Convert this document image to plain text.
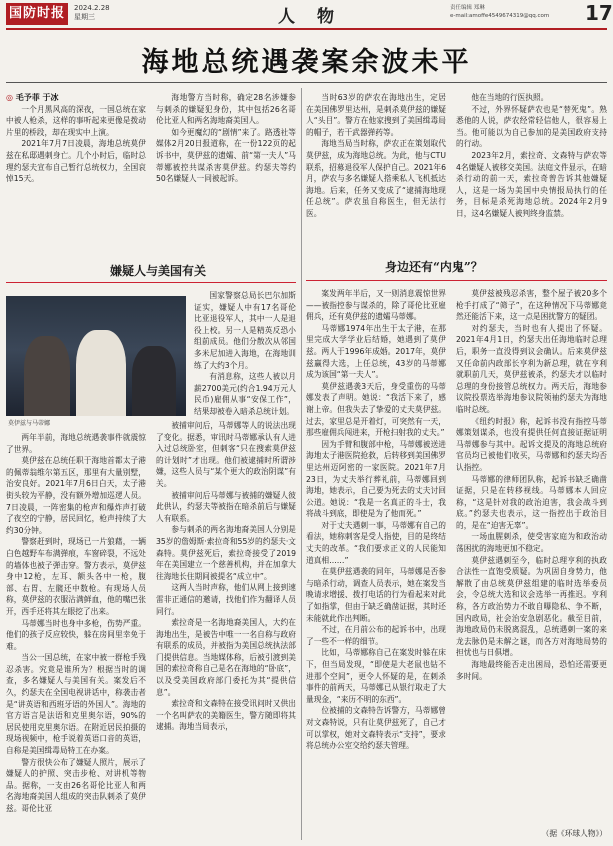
国防时报	2024.2.28
星期三	人 物	责任编辑 郑琳
e-mail:amoffe4549674319@qq.com 17
海地总统遇袭案余波未平

◎ 毛予菲 于冰

一个月黑风高的深夜，一国总统在家中被人枪杀，这样的事听起来更像是拨动片里的桥段，却在现实中上演。

2021年7月7日凌晨，海地总统莫伊兹在私邸遇刺身亡。几个小时后，临时总理约瑟夫宣布自己暂行总统权力，全国哀悼15天。

海地警方当时称，确定28名涉嫌参与刺杀的嫌疑犯身份，其中包括26名哥伦比亚人和两名海地裔美国人。

如今更魔幻的“剧情”来了。路透社等媒体2月20日报道称，在一份122页的起诉书中，莫伊兹的遗孀、前“第一夫人”马蒂娜被控共谋杀害莫伊兹。约瑟夫等约50名嫌疑人一同被起诉。

当时63岁的萨农在海地出生，定居在美国佛罗里达州，是刺杀莫伊兹的嫌疑人“头目”。警方在他家搜到了美国缉毒局的帽子，若干武器弹药等。

海地当局当时称，萨农正在策划取代莫伊兹，成为海地总统。为此，他与CTU联系，招募退役军人保护自己。2021年6月，萨农与多名嫌疑人搭乘私人飞机抵达海地。后来，任务又变成了“逮捕海地现任总统”。萨农虽自称医生，但无法行医。

他在当地的行医执照。

不过，外界怀疑萨农也是“替死鬼”。熟悉他的人说，萨农经常轻信他人，很容易上当。他可能以为自己参加的是美国政府支持的行动。

2023年2月，索拉奇、文森特与萨农等4名嫌疑人被移交美国。法庭文件显示，在暗杀行动的前一天，索拉奇曾告诉其他嫌疑人，这是一场为美国中央情报局执行的任务，目标是杀死海地总统。2024年2月9日，这4名嫌疑人被判终身监禁。

嫌疑人与美国有关
莫伊兹与马蒂娜

国家警察总局长巴尔加斯证实，嫌疑人中有17名哥伦比亚退役军人，其中一人是退役上校。另一人是精英反恐小组前成员。他们分散次从邻国多米尼加进入海地，在海地训练了大约3个月。

有消息称，这些人被以月薪2700美元(约合1.94万元人民币)雇佣从事“安保工作”，结果却被卷入暗杀总统计划。

两年半前，海地总统遇袭事件就震惊了世界。

莫伊兹在总统任职于海地首都太子港的佩蒂翁维尔第五区，那里有大量别墅，治安良好。2021年7月6日白天，太子港街头较为平静，没有额外增加巡逻人员。7日凌晨，一阵密集的枪声和爆炸声打破了夜空的宁静，居民回忆，枪声持续了大约30分钟。

警察赶到时，现场已一片狼藉，一辆白色越野车布满弹痕，车窗碎裂，不远处的墙体也被子弹击穿。警方表示，莫伊兹身中12枪，左耳、额头各中一枪，腹部、右胃、左髋还中数枪。有现场人员称，莫伊兹的衣服沾满鲜血，他的嘴巴张开，西手还将其左眼挖了出来。

马蒂娜当时也身中多枪，伤势严重。他们的孩子反应较快，躲在房间里幸免于难。

当公一国总统，在家中被一群枪手残忍杀害。究竟是谁所为？根据当时的调查，多名嫌疑人与美国有关。案发后不久，约瑟夫在全国电视讲话中，称袭击者是“讲英语和西班牙语的外国人”。海地的官方语言是法语和克里奥尔语，90%的居民使用克里奥尔语。在附近居民拍摄的现场视频中，枪手说着英语口音的英语，自称是美国缉毒局特工在办案。

警方很快公布了嫌疑人照片，展示了嫌疑人的护照、突击步枪、对讲机等物品。据称，一支由26名哥伦比亚人和两名海地裔美国人组成的突击队刺杀了莫伊兹。哥伦比亚

被捕审问后，马蒂娜等人的说法出现了变化。据悉，审讯时马蒂娜承认有人进入过总统卧室，但刺客“只在搜索莫伊兹的计划时”才出现。他们被逮捕时所谓涉嫌，这些人员与“某个更大的政治阴谋”有关。

被捕审问后马蒂娜与被捕的嫌疑人彼此供认，约瑟夫等被指在暗杀前后与嫌疑人有联系。

参与刺杀的两名海地裔美国人分别是35岁的詹姆斯·索拉奇和55岁的约瑟夫·文森特。莫伊兹死后，索拉奇接受了2019年在美国建立一个慈善机构，并在加拿大往海地长住期间被提名“成立中”。

这两人当时声称，他们从网上接到速雷非正通信的邀请，找他们作为翻译人员同行。

索拉奇是一名海地裔美国人，大约在海地出生，是被告中唯一一名自称与政府有联系的成员，并被指为美国总统执法部门提供信息。当地媒体称，后被引渡到美国的索拉奇称自己是名在海地的“卧底”，以及受美国政府部门委托为其“提供信息”。

索拉奇和文森特在接受讯问时又供出一个名叫萨农的美籍医生，警方随即将其逮捕。海地当局表示，

身边还有“内鬼”？

案发两年半后，又一则消息震惊世界——被指控参与谋杀的，除了哥伦比亚雇佣兵，还有莫伊兹的遗孀马蒂娜。

马蒂娜1974年出生于太子港，在那里完成大学学业后结婚，她遇到了莫伊兹。两人于1996年成婚。2017年，莫伊兹赢得大选，上任总统，43岁的马蒂娜成为该国“第一夫人”。

莫伊兹遇袭3天后，身受重伤的马蒂娜发表了声明。她说：“我活下来了，感谢上帝。但我失去了挚爱的丈夫莫伊兹。过去，家里总是开着灯，可突然有一天，那些雇佣兵闯进来，开枪扫射我的丈夫。”

因为手臂和腹部中枪，马蒂娜被送进海地太子港医院抢救，后转移到美国佛罗里达州迈阿密的一家医院。2021年7月23日，为丈夫举行葬礼前，马蒂娜回到海地，她表示，自己要为死去的丈夫讨回公道。她说：“我是一名真正的斗士，我将战斗到底，即使是为了他而死。”

对于丈夫遇刺一事，马蒂娜有自己的看法，她称刺客是受人指使，目的是终结丈夫的改革。“我们要求正义的人民能知道真相……”

在莫伊兹遇袭的同年，马蒂娜是否参与暗杀行动，调查人员表示，她在案发当晚请求增援、拨打电话的行为看起来对此了如指掌，但由于缺乏确凿证据，其时还未能就此作出判断。

不过，在月前公布的起诉书中，出现了一些不一样的细节。

比如，马蒂娜称自己在案发时躲在床下，但当局发现，“即使是大老鼠也钻不进那个空间”，更令人怀疑的是，在刺杀事件的前两天，马蒂娜已从银行取走了大量现金，“来历不明的东西”。

位被捕的文森特告诉警方，马蒂娜曾对文森特说，只有让莫伊兹死了，自己才可以掌权，她对文森特表示“支持”，要求将总统办公室交给约瑟夫管理。

莫伊兹被残忍杀害，整个屋子被20多个枪手打成了“筛子”，在这种情况下马蒂娜竟然还能活下来，这一点是困扰警方的疑团。

对约瑟夫，当时也有人提出了怀疑。2021年4月1日，约瑟夫出任海地临时总理后，职务一直没得到议会确认。后来莫伊兹又任命前内政部长亨利为新总理，就在亨利就职前几天，莫伊兹被杀，约瑟夫才以临时总理的身份接管总统权力。两天后，海地参议院投票选举海地参议院领袖约瑟夫为海地临时总统。

《纽约时报》称，起诉书没有指控马蒂娜策划谋杀，也没有提供任何直接证据证明马蒂娜参与其中。起诉文提及的海地总统府官员均已被他们收买，马蒂娜和约瑟夫均否认指控。

马蒂娜的律师团队称，起诉书缺乏确凿证据，只是在转移视线。马蒂娜本人回应称，“这是针对我的政治迫害，我会战斗到底。”约瑟夫也表示，这一指控出于政治目的，是在“迫害无辜”。

一场血腥刺杀，使受害家庭为和政治动荡困扰的海地更加不稳定。

莫伊兹遇刺至今，临时总理亨利的执政合法性一直饱受质疑。为巩固自身势力，他解散了由总统莫伊兹组建的临时选举委员会，令总统大选和议会选举一再推迟。亨利称，各方政治势力不敢自曝隐私、争不断，国内政局，社会治安急剧恶化。截至目前，海地政局仍未脱离混乱，总统遇刺一案的来龙去脉仍是未解之谜，而各方对海地局势的担忧也与日俱增。

海地最终能否走出困局，恐怕还需要更多时间。

（据《环球人物》）
